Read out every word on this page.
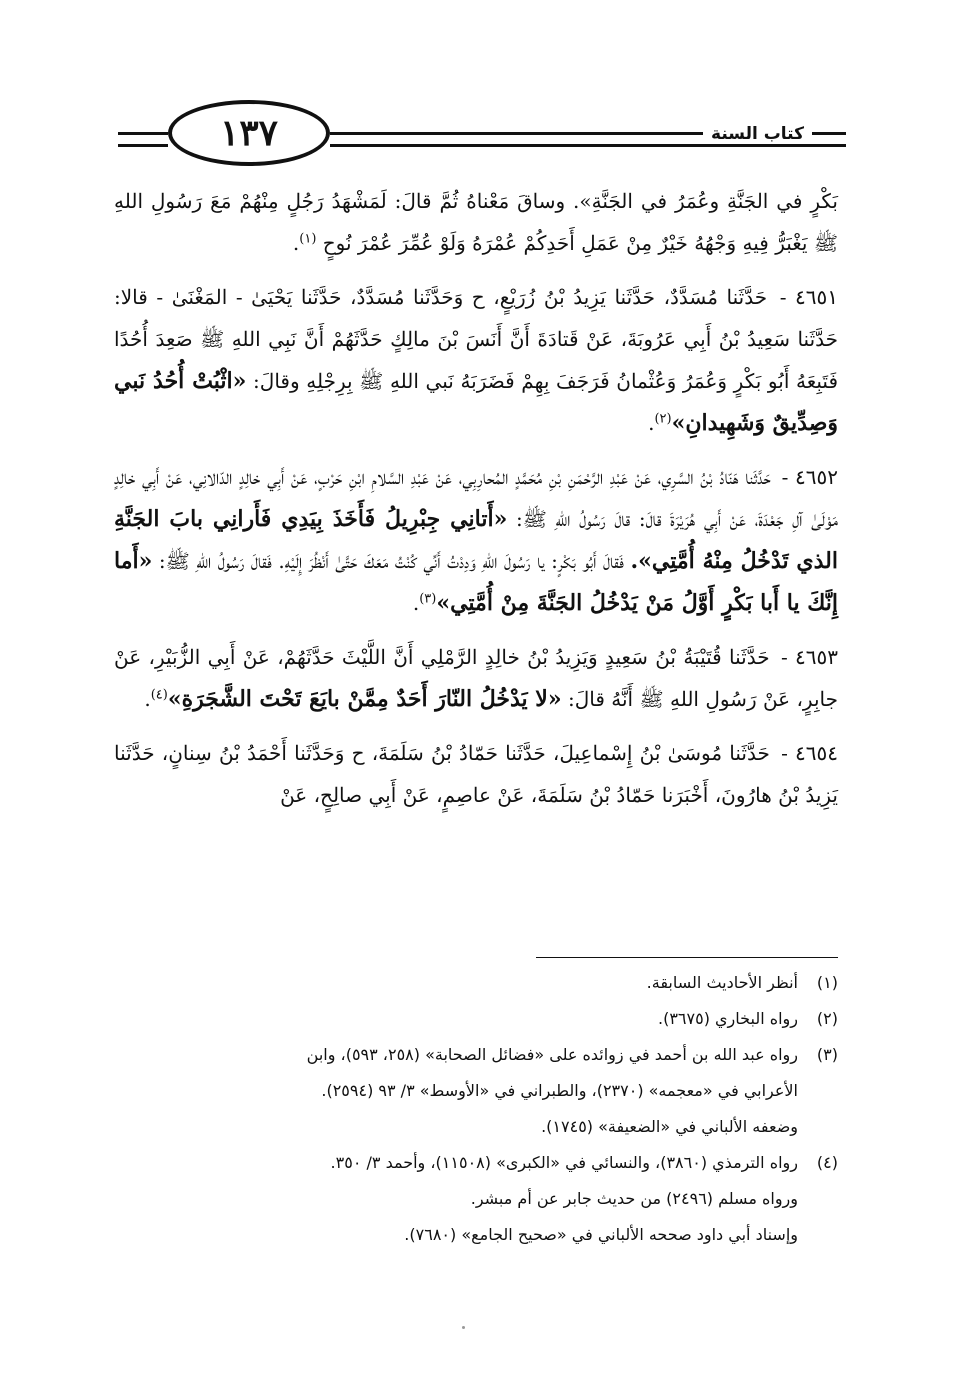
١٣٧	كتاب السنة

بَكْرٍ في الجَنَّةِ وعُمَرُ في الجَنَّةِ». وساقَ مَعْناهُ ثُمَّ قالَ: لَمَشْهَدُ رَجُلٍ مِنْهُمْ مَعَ رَسُولِ اللهِ ﷺ يَغْبَرُّ فِيهِ وَجْهُهُ خَيْرٌ مِنْ عَمَلِ أَحَدِكُمْ عُمْرَهُ وَلَوْ عُمِّرَ عُمْرَ نُوحٍ $^{(١)}$.

٤٦٥١ - حَدَّثَنا مُسَدَّدٌ، حَدَّثَنا يَزِيدُ بْنُ زُرَيْعٍ، ح وَحَدَّثَنا مُسَدَّدٌ، حَدَّثَنا يَحْيَىٰ - المَغْنَىٰ - قالا: حَدَّثَنا سَعِيدُ بْنُ أَبِي عَرُوبَةَ، عَنْ قَتادَةَ أَنَّ أَنَسَ بْنَ مالِكٍ حَدَّثَهُمْ أَنَّ نَبِي اللهِ ﷺ صَعِدَ أُحُدًا فَتَبِعَهُ أَبُو بَكْرٍ وَعُمَرُ وَعُثْمانُ فَرَجَفَ بِهِمْ فَضَرَبَهُ نَبي اللهِ ﷺ بِرِجْلِهِ وقالَ: «اثْبُتْ أُحُدُ نَبي وَصِدِّيقٌ وَشَهِيدانِ»$^{(٢)}$.

٤٦٥٢ - حَدَّثَنا هَنّادُ بْنُ السَّرِي، عَنْ عَبْدِ الرَّحْمَنِ بْنِ مُحَمَّدٍ المُحارِبِي، عَنْ عَبْدِ السَّلامِ ابْنِ حَرْبٍ، عَنْ أَبِي خالِدٍ الدّالانِي، عَنْ أَبِي خالِدٍ مَوْلَىٰ آلِ جَعْدَةَ، عَنْ أَبِي هُرَيْرَةَ قالَ: قالَ رَسُولُ اللهِ ﷺ: «أَتانِي جِبْرِيلُ فَأَخَذَ بِيَدِي فَأَرانِي بابَ الجَنَّةِ الذي تَدْخُلُ مِنْهُ أُمَّتِي». فَقالَ أَبُو بَكْرٍ: يا رَسُولَ اللهِ وَدِدْتُ أَنِّي كُنْتُ مَعَكَ حَتَّىٰ أَنْظُرَ إِلَيْهِ. فَقالَ رَسُولُ اللهِ ﷺ: «أَما إِنَّكَ يا أَبا بَكْرٍ أَوَّلُ مَنْ يَدْخُلُ الجَنَّةَ مِنْ أُمَّتِي»$^{(٣)}$.

٤٦٥٣ - حَدَّثَنا قُتَيْبَةُ بْنُ سَعِيدٍ وَيَزِيدُ بْنُ خالِدٍ الرَّمْلِي أَنَّ اللَّيْثَ حَدَّثَهُمْ، عَنْ أَبِي الزُّبَيْرِ، عَنْ جابِرٍ، عَنْ رَسُولِ اللهِ ﷺ أَنَّهُ قالَ: «لا يَدْخُلُ النّارَ أَحَدٌ مِمَّنْ بايَعَ تَحْتَ الشَّجَرَةِ»$^{(٤)}$.

٤٦٥٤ - حَدَّثَنا مُوسَىٰ بْنُ إِسْماعِيلَ، حَدَّثَنا حَمّادُ بْنُ سَلَمَةَ، ح وَحَدَّثَنا أَحْمَدُ بْنُ سِنانٍ، حَدَّثَنا يَزِيدُ بْنُ هارُونَ، أَخْبَرَنا حَمّادُ بْنُ سَلَمَةَ، عَنْ عاصِمٍ، عَنْ أَبِي صالِحٍ، عَنْ

(١)
أنظر الأحاديث السابقة.
(٢)
رواه البخاري (٣٦٧٥).
(٣)
رواه عبد الله بن أحمد في زوائده على «فضائل الصحابة» (٢٥٨، ٥٩٣)، وابن
الأعرابي في «معجمه» (٢٣٧٠)، والطبراني في «الأوسط» ٣/ ٩٣ (٢٥٩٤).
وضعفه الألباني في «الضعيفة» (١٧٤٥).
(٤)
رواه الترمذي (٣٨٦٠)، والنسائي في «الكبرى» (١١٥٠٨)، وأحمد ٣/ ٣٥٠.
ورواه مسلم (٢٤٩٦) من حديث جابر عن أم مبشر.
وإسناد أبي داود صححه الألباني في «صحيح الجامع» (٧٦٨٠).
